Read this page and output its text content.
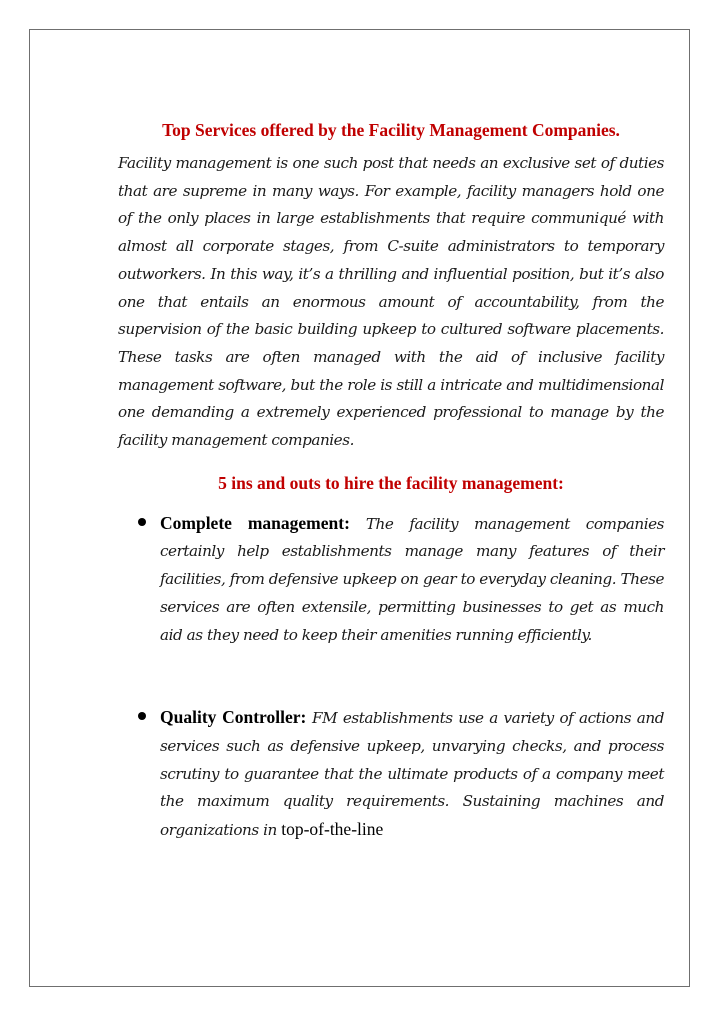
Top Services offered by the Facility Management Companies.

Facility management is one such post that needs an exclusive set of duties that are supreme in many ways. For example, facility managers hold one of the only places in large establishments that require communiqué with almost all corporate stages, from C-suite administrators to temporary outworkers. In this way, it’s a thrilling and influential position, but it’s also one that entails an enormous amount of accountability, from the supervision of the basic building upkeep to cultured software placements. These tasks are often managed with the aid of inclusive facility management software, but the role is still a intricate and multidimensional one demanding a extremely experienced professional to manage by the facility management companies.

5 ins and outs to hire the facility management:

Complete management: The facility management companies certainly help establishments manage many features of their facilities, from defensive upkeep on gear to everyday cleaning. These services are often extensile, permitting businesses to get as much aid as they need to keep their amenities running efficiently.

Quality Controller: FM establishments use a variety of actions and services such as defensive upkeep, unvarying checks, and process scrutiny to guarantee that the ultimate products of a company meet the maximum quality requirements. Sustaining machines and organizations in top-of-the-line
